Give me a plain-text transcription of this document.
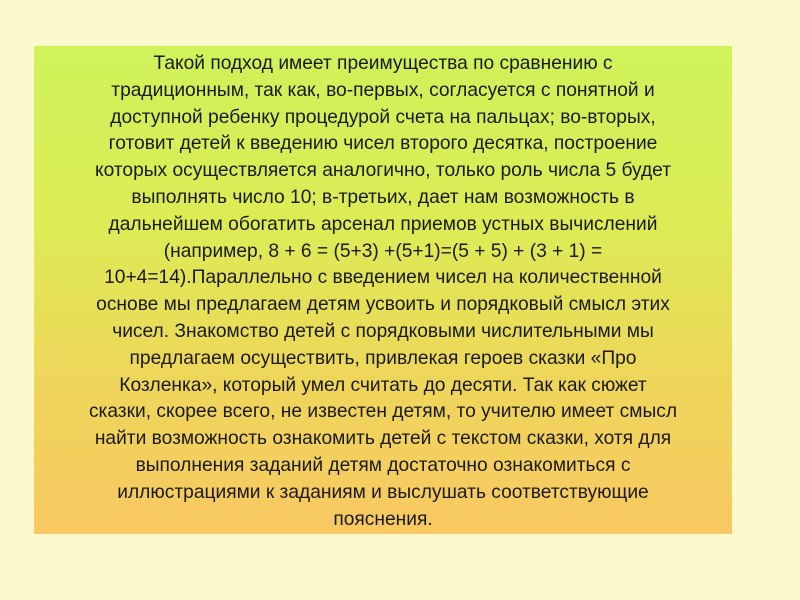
Такой подход имеет преимущества по сравнению с
традиционным, так как, во-первых, согласуется с понятной и
доступной ребенку процедурой счета на пальцах; во-вторых,
готовит детей к введению чисел второго десятка, построение
которых осуществляется аналогично, только роль числа 5 будет
выполнять число 10; в-третьих, дает нам возможность в
дальнейшем обогатить арсенал приемов устных вычислений
(например, 8 + 6 = (5+3) +(5+1)=(5 + 5) + (3 + 1) =
10+4=14).Параллельно с введением чисел на количественной
основе мы предлагаем детям усвоить и порядковый смысл этих
чисел. Знакомство детей с порядковыми числительными мы
предлагаем осуществить, привлекая героев сказки «Про
Козленка», который умел считать до десяти. Так как сюжет
сказки, скорее всего, не известен детям, то учителю имеет смысл
найти возможность ознакомить детей с текстом сказки, хотя для
выполнения заданий детям достаточно ознакомиться с
иллюстрациями к заданиям и выслушать соответствующие
пояснения.
